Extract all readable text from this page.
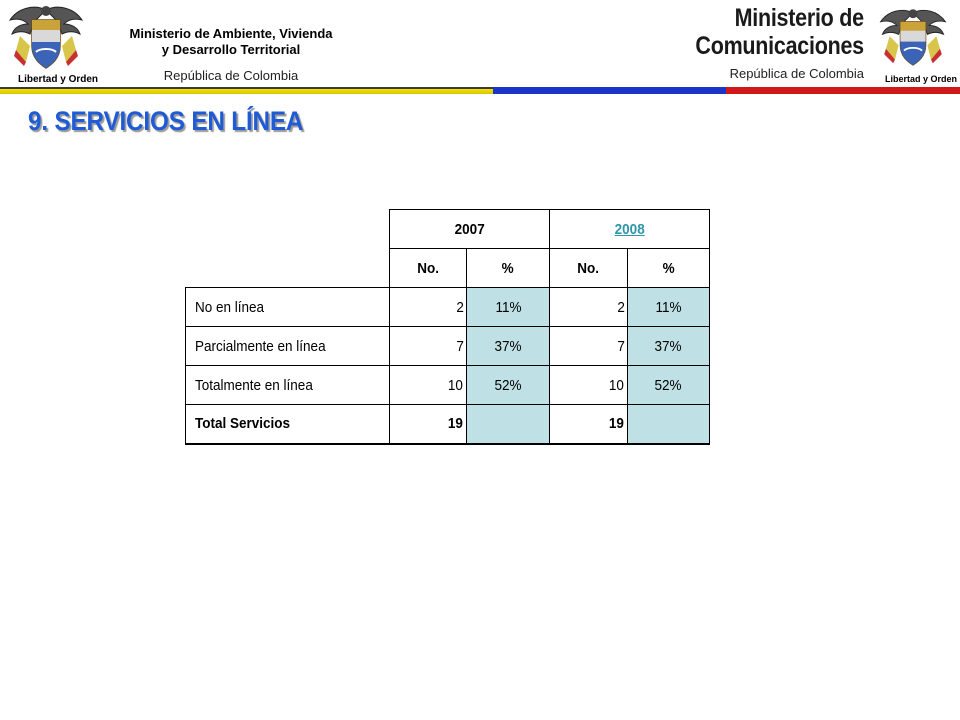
Libertad y Orden
Ministerio de Ambiente, Vivienda
y Desarrollo Territorial
República de Colombia
Ministerio de
Comunicaciones
República de Colombia Libertad y Orden
9. SERVICIOS EN LÍNEA
	2007		2008	
	No.	%	No.	%
No en línea	2	11%	2	11%
Parcialmente en línea	7	37%	7	37%
Totalmente en línea	10	52%	10	52%
Total Servicios	19		19	
